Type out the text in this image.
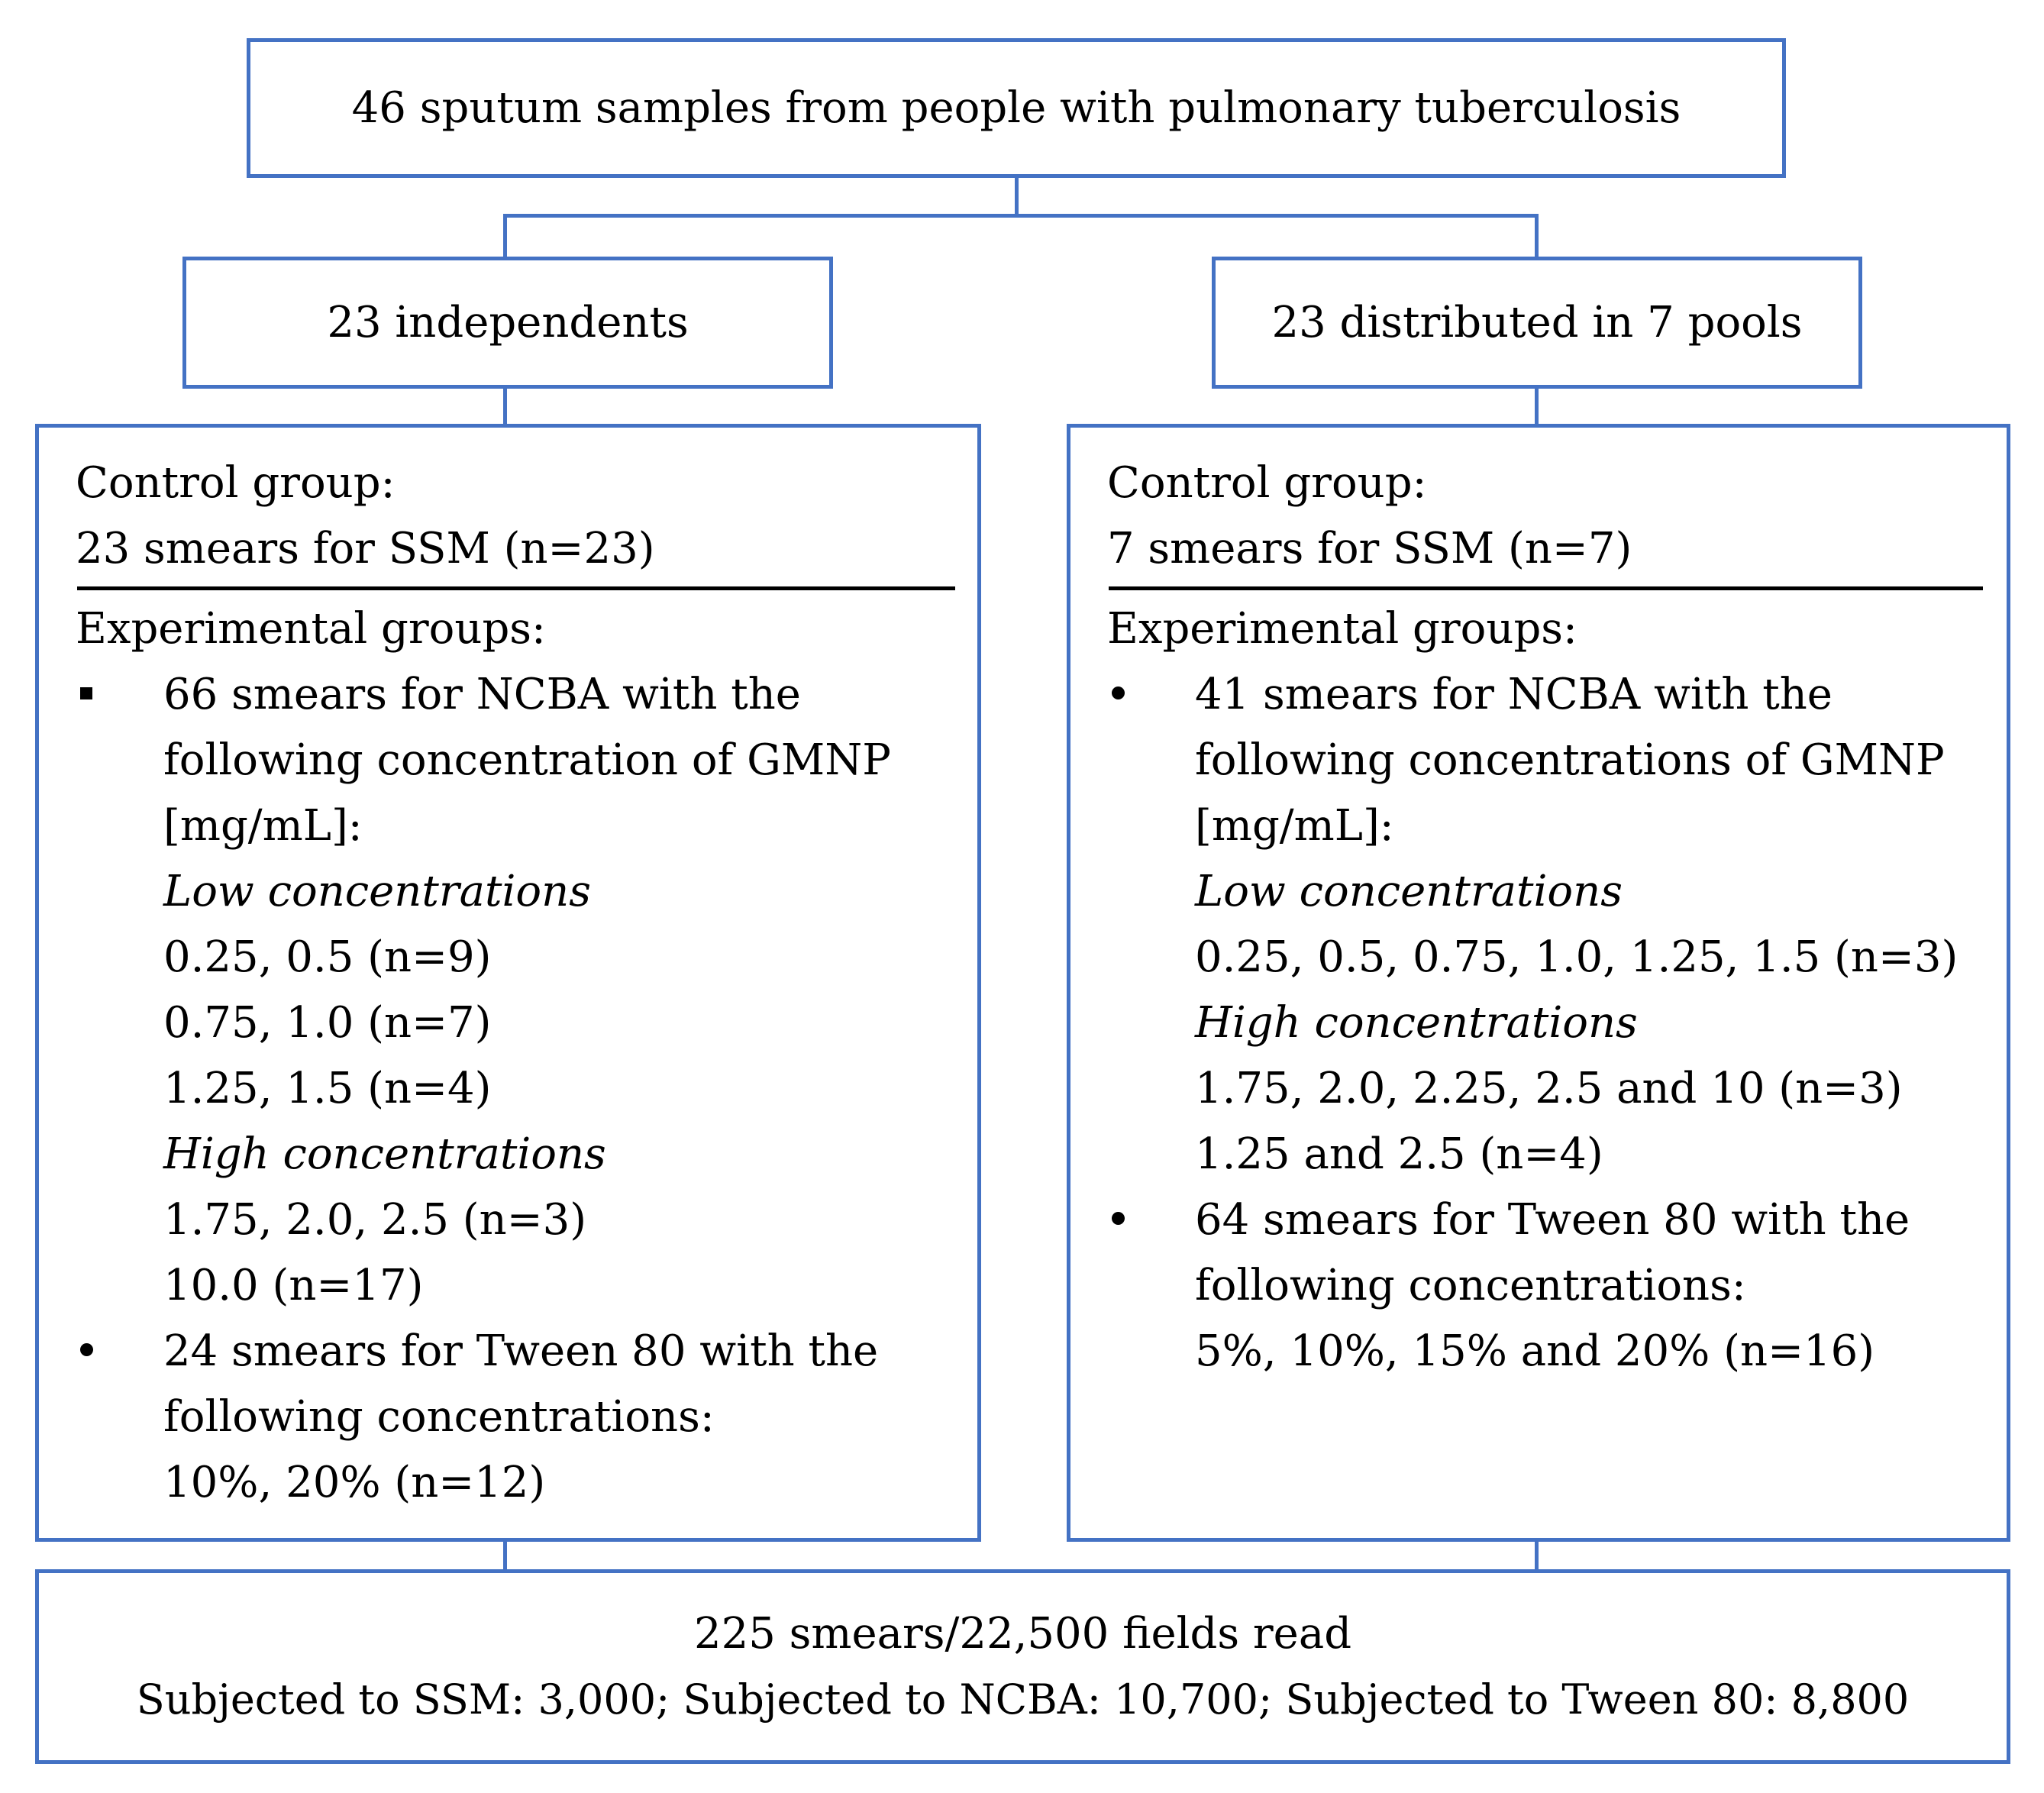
46 sputum samples from people with pulmonary tuberculosis
23 independents	23 distributed in 7 pools
Control group:
23 smears for SSM (n=23)
Experimental groups:
66 smears for NCBA with the
following concentration of GMNP
[mg/mL]:
Low concentrations
0.25, 0.5 (n=9)
0.75, 1.0 (n=7)
1.25, 1.5 (n=4)
High concentrations
1.75, 2.0, 2.5 (n=3)
10.0 (n=17)
24 smears for Tween 80 with the
following concentrations:
10%, 20% (n=12)
Control group:
7 smears for SSM (n=7)
Experimental groups:
41 smears for NCBA with the
following concentrations of GMNP
[mg/mL]:
Low concentrations
0.25, 0.5, 0.75, 1.0, 1.25, 1.5 (n=3)
High concentrations
1.75, 2.0, 2.25, 2.5 and 10 (n=3)
1.25 and 2.5 (n=4)
64 smears for Tween 80 with the
following concentrations:
5%, 10%, 15% and 20% (n=16)
225 smears/22,500 fields read
Subjected to SSM: 3,000; Subjected to NCBA: 10,700; Subjected to Tween 80: 8,800
